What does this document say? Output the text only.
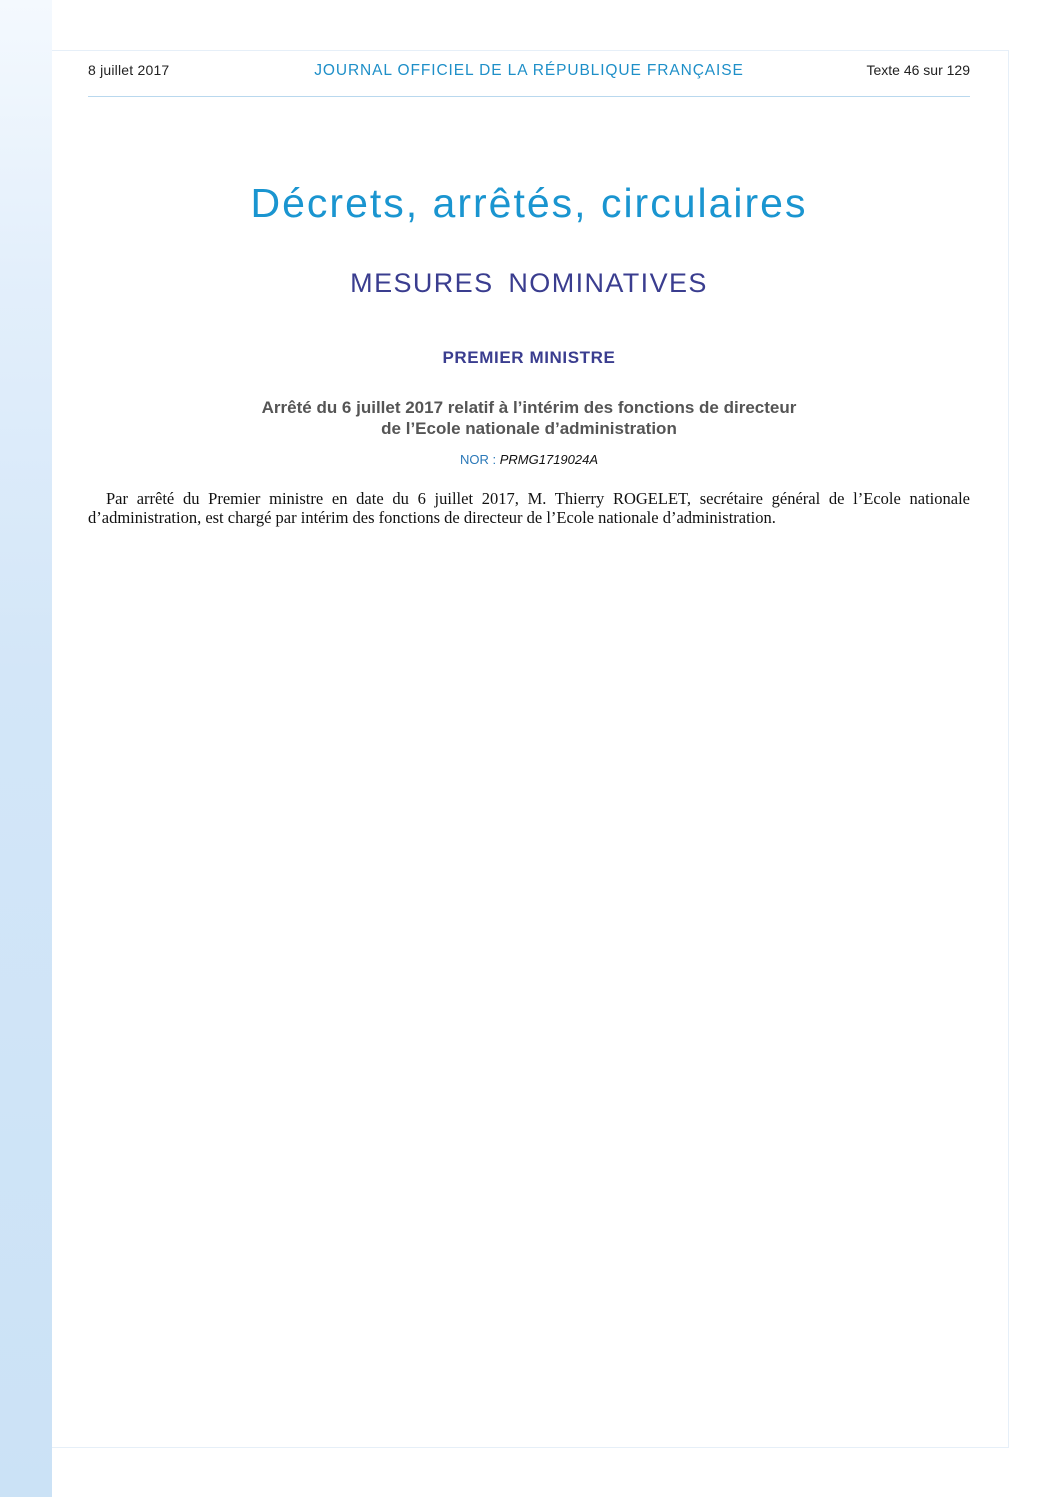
8 juillet 2017	JOURNAL OFFICIEL DE LA RÉPUBLIQUE FRANÇAISE	Texte 46 sur 129
Décrets, arrêtés, circulaires
MESURES NOMINATIVES
PREMIER MINISTRE
Arrêté du 6 juillet 2017 relatif à l’intérim des fonctions de directeur
de l’Ecole nationale d’administration
NOR : PRMG1719024A

Par arrêté du Premier ministre en date du 6 juillet 2017, M. Thierry ROGELET, secrétaire général de l’Ecole nationale d’administration, est chargé par intérim des fonctions de directeur de l’Ecole nationale d’administration.
